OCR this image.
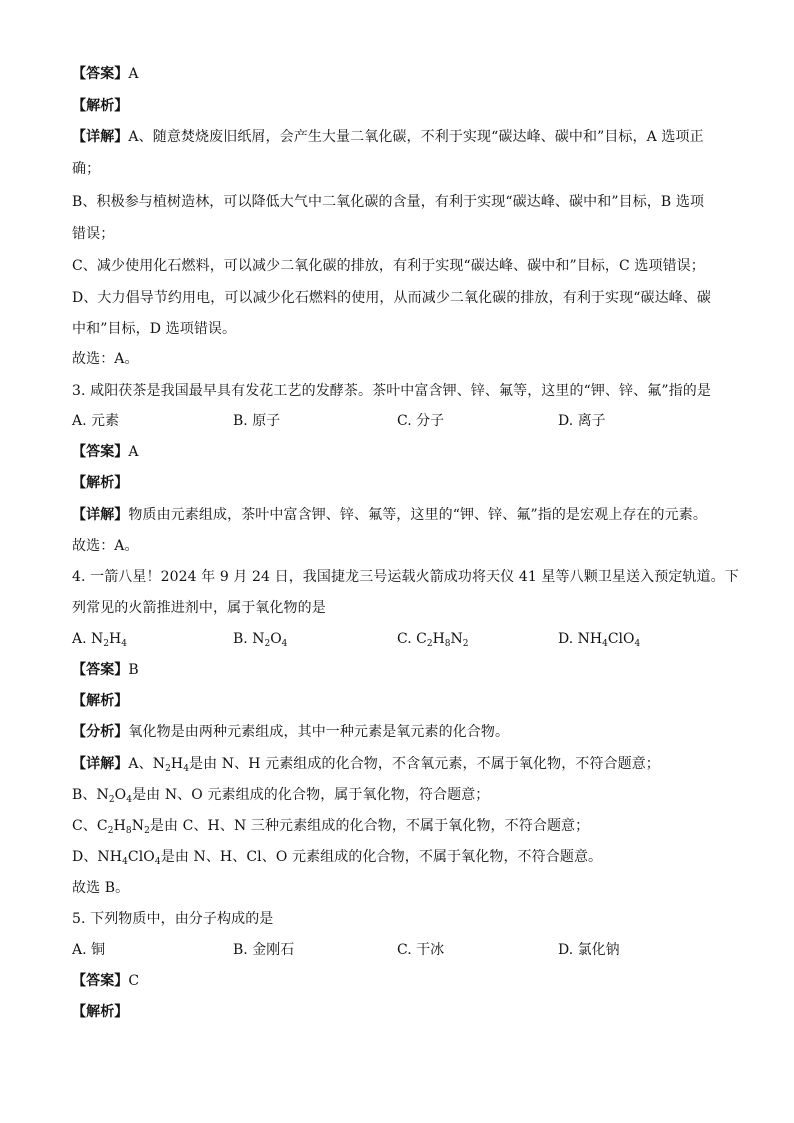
【答案】A
【解析】
【详解】A、随意焚烧废旧纸屑，会产生大量二氧化碳，不利于实现“碳达峰、碳中和”目标，A 选项正
确；
B、积极参与植树造林，可以降低大气中二氧化碳的含量，有利于实现“碳达峰、碳中和”目标，B 选项
错误；
C、减少使用化石燃料，可以减少二氧化碳的排放，有利于实现“碳达峰、碳中和”目标，C 选项错误；
D、大力倡导节约用电，可以减少化石燃料的使用，从而减少二氧化碳的排放，有利于实现“碳达峰、碳
中和”目标，D 选项错误。
故选：A。
3. 咸阳茯茶是我国最早具有发花工艺的发酵茶。茶叶中富含钾、锌、氟等，这里的“钾、锌、氟”指的是
A. 元素	B. 原子	C. 分子	D. 离子
【答案】A
【解析】
【详解】物质由元素组成，茶叶中富含钾、锌、氟等，这里的“钾、锌、氟”指的是宏观上存在的元素。
故选：A。
4. 一箭八星！2024 年 9 月 24 日，我国捷龙三号运载火箭成功将天仪 41 星等八颗卫星送入预定轨道。下
列常见的火箭推进剂中，属于氧化物的是
A. $N_2H_4$	B. $N_2O_4$	C. $C_2H_8N_2$	D. $NH_4ClO_4$
【答案】B
【解析】
【分析】氧化物是由两种元素组成，其中一种元素是氧元素的化合物。
【详解】A、$N_2H_4$是由 N、H 元素组成的化合物，不含氧元素，不属于氧化物，不符合题意；
B、$N_2O_4$是由 N、O 元素组成的化合物，属于氧化物，符合题意；
C、$C_2H_8N_2$是由 C、H、N 三种元素组成的化合物，不属于氧化物，不符合题意；
D、$NH_4ClO_4$是由 N、H、Cl、O 元素组成的化合物，不属于氧化物，不符合题意。
故选 B。
5. 下列物质中，由分子构成的是
A. 铜	B. 金刚石	C. 干冰	D. 氯化钠
【答案】C
【解析】
